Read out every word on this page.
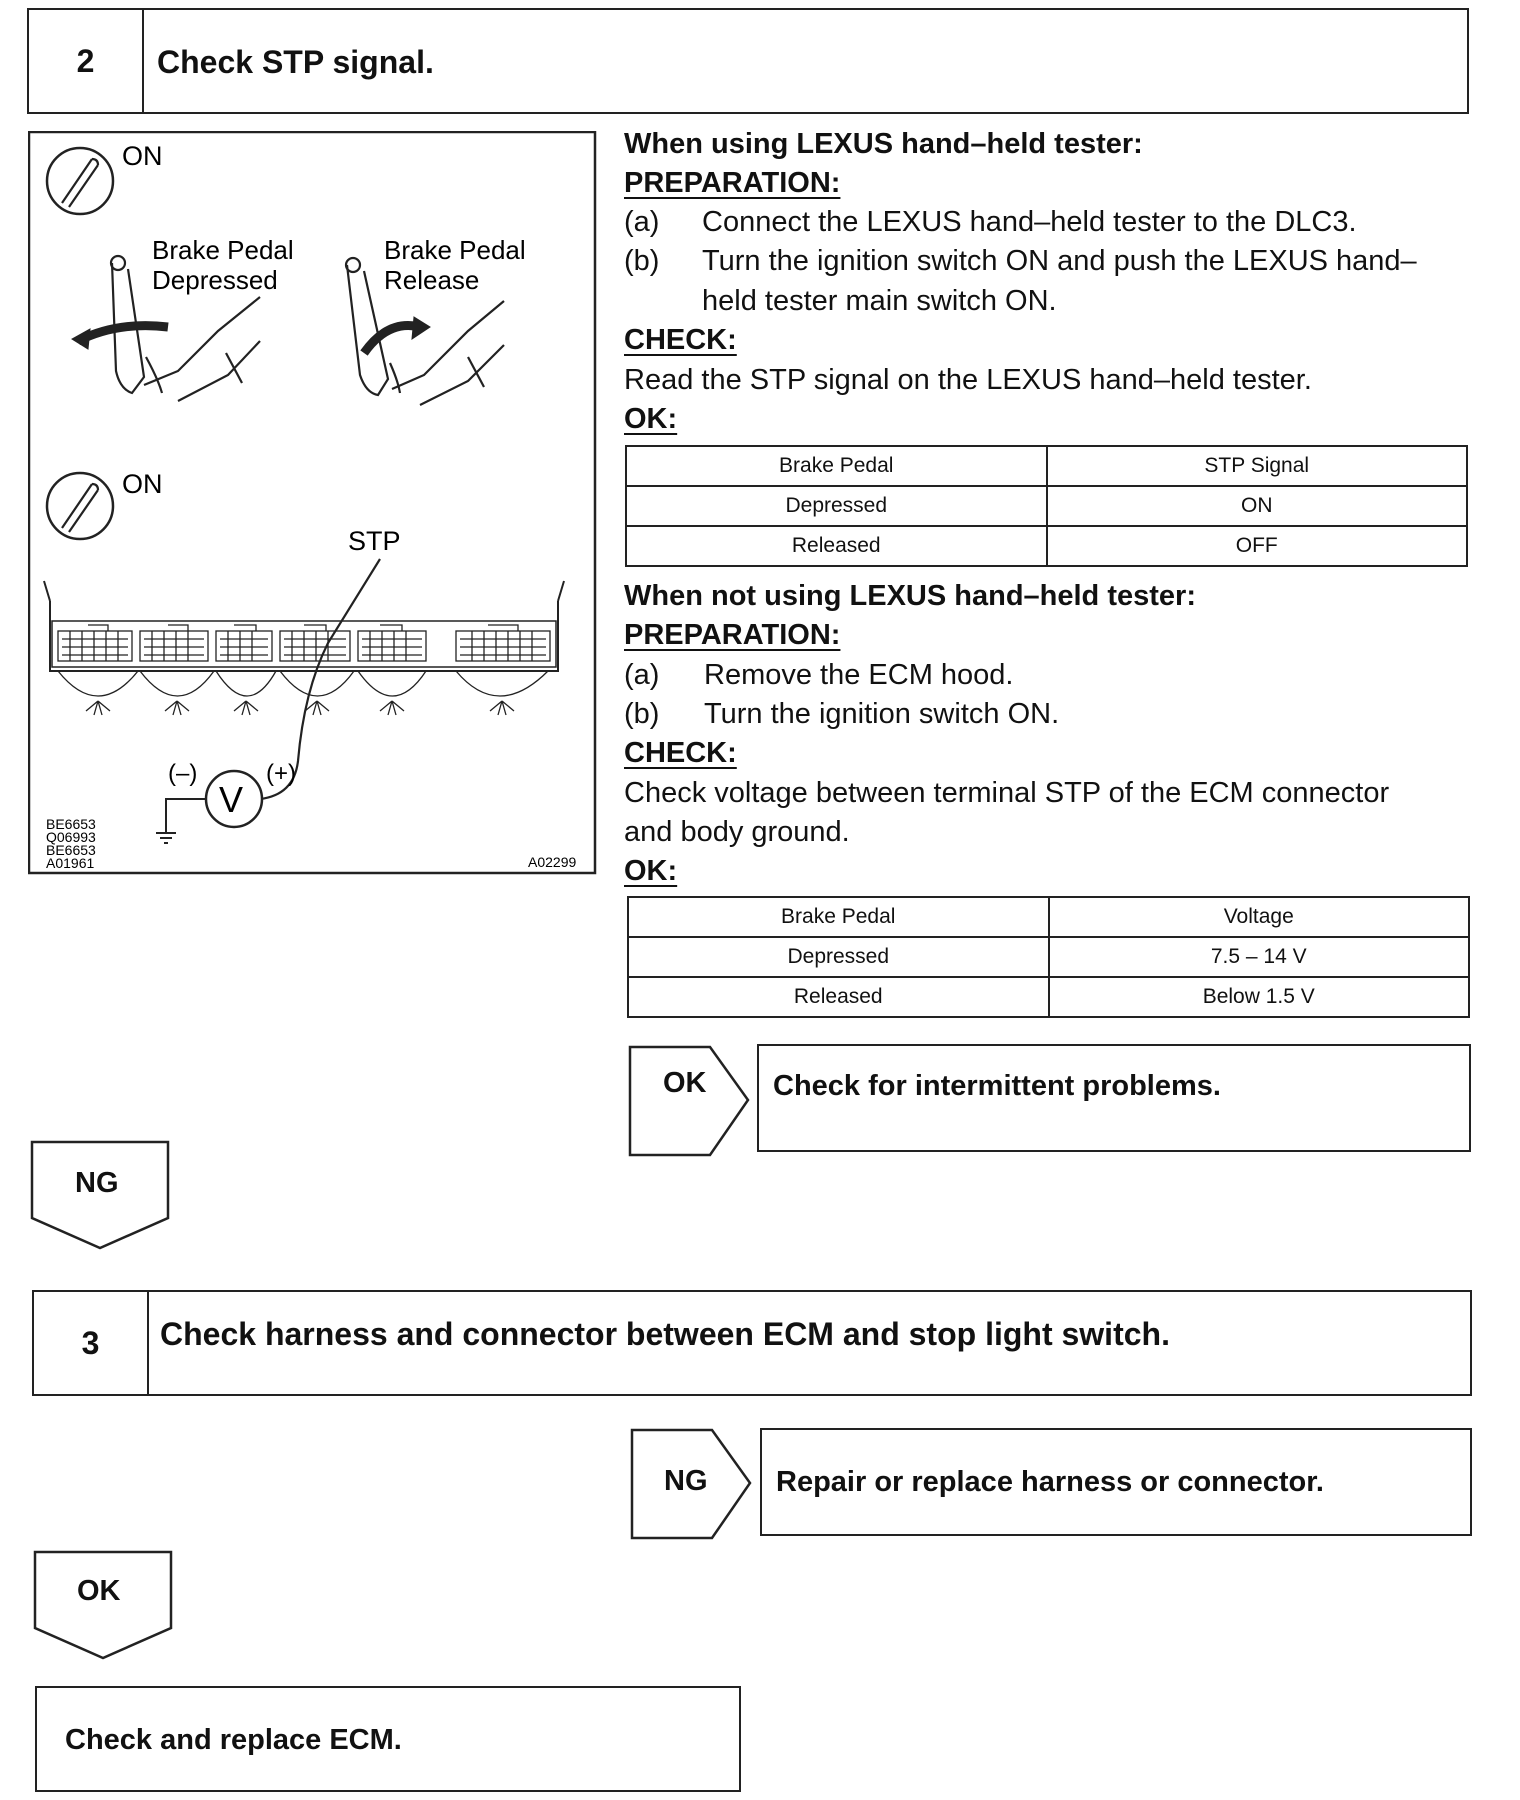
2	Check STP signal.
ON
Brake Pedal
Depressed
Brake Pedal
Release
ON
STP
V
(–)	(+)
BE6653
Q06993
BE6653
A01961	A02299
When using LEXUS hand–held tester:
PREPARATION:
(a) Connect the LEXUS hand–held tester to the DLC3.
(b) Turn the ignition switch ON and push the LEXUS hand–
held tester main switch ON.
CHECK:
Read the STP signal on the LEXUS hand–held tester.
OK:
Brake Pedal	STP Signal
Depressed	ON
Released	OFF
When not using LEXUS hand–held tester:
PREPARATION:
(a) Remove the ECM hood.
(b) Turn the ignition switch ON.
CHECK:
Check voltage between terminal STP of the ECM connector
and body ground.
OK:
Brake Pedal	Voltage
Depressed	7.5 – 14 V
Released	Below 1.5 V
OK Check for intermittent problems.
NG
3	Check harness and connector between ECM and stop light switch.
NG Repair or replace harness or connector.
OK
Check and replace ECM.
